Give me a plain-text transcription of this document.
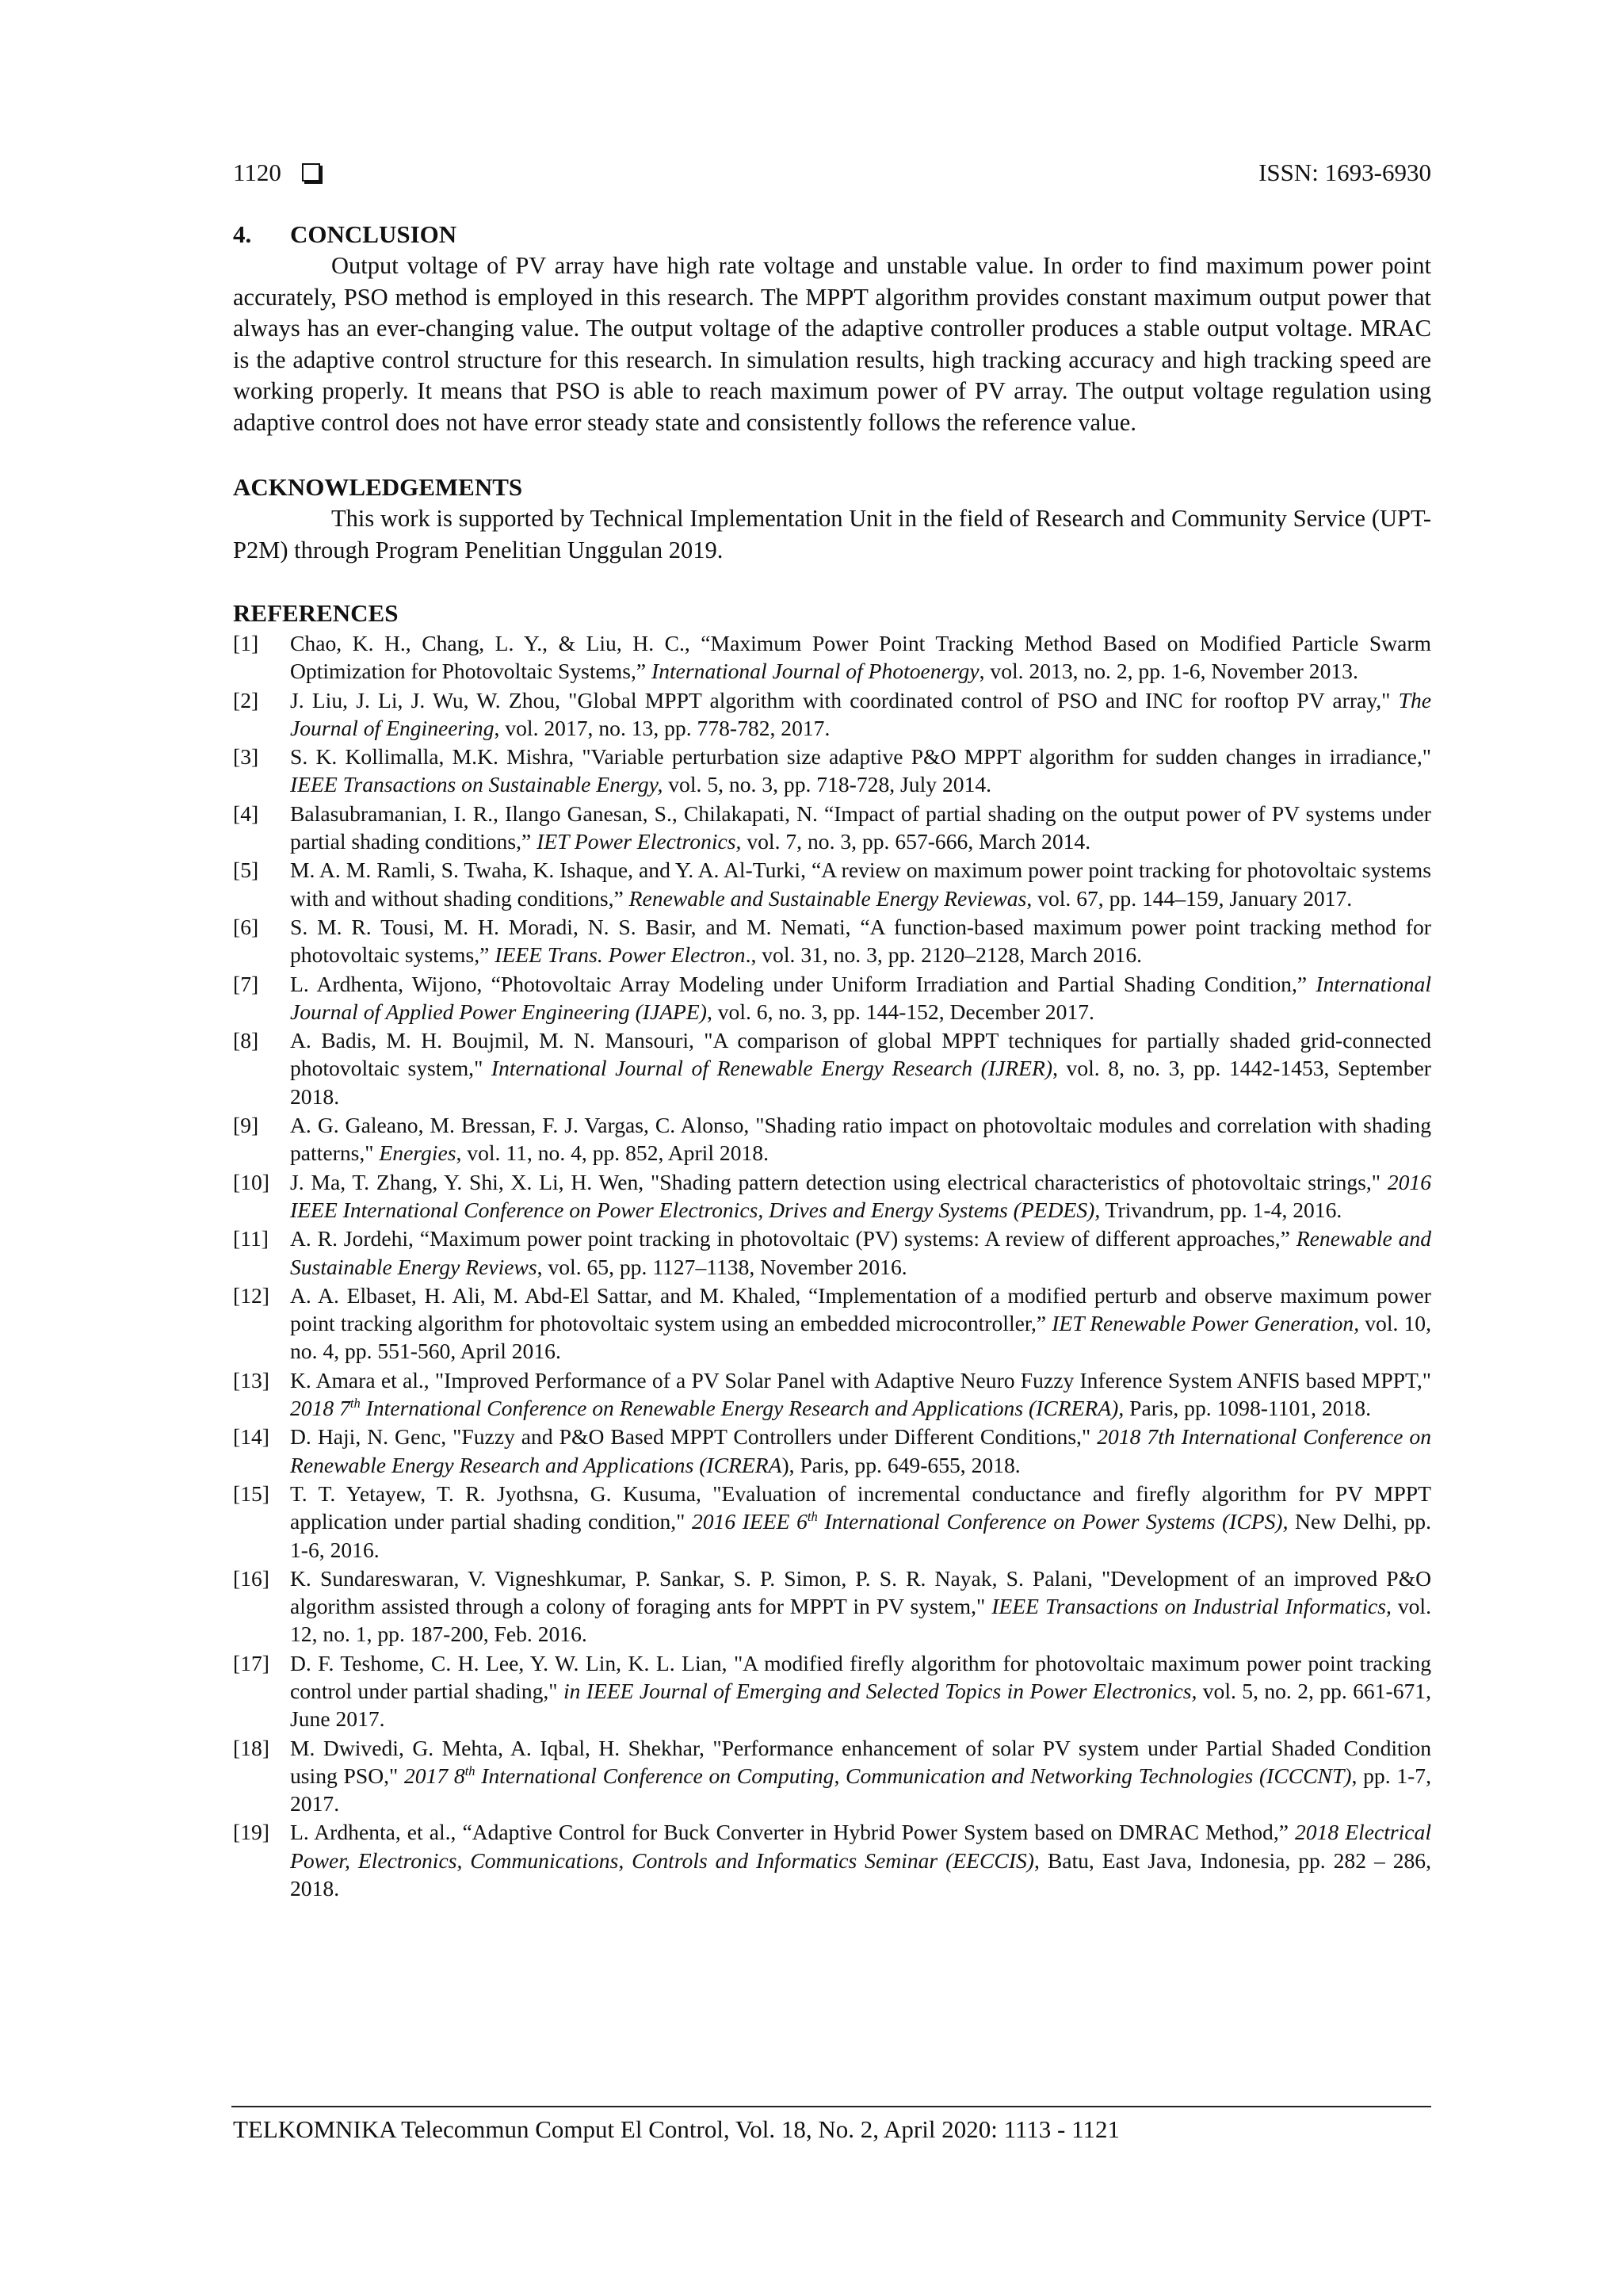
1120	ISSN: 1693-6930
4. CONCLUSION

Output voltage of PV array have high rate voltage and unstable value. In order to find maximum power point accurately, PSO method is employed in this research. The MPPT algorithm provides constant maximum output power that always has an ever-changing value. The output voltage of the adaptive controller produces a stable output voltage. MRAC is the adaptive control structure for this research. In simulation results, high tracking accuracy and high tracking speed are working properly. It means that PSO is able to reach maximum power of PV array. The output voltage regulation using adaptive control does not have error steady state and consistently follows the reference value.

ACKNOWLEDGEMENTS

This work is supported by Technical Implementation Unit in the field of Research and Community Service (UPT-P2M) through Program Penelitian Unggulan 2019.

REFERENCES
[1] Chao, K. H., Chang, L. Y., & Liu, H. C., “Maximum Power Point Tracking Method Based on Modified Particle Swarm Optimization for Photovoltaic Systems,” International Journal of Photoenergy, vol. 2013, no. 2, pp. 1-6, November 2013.
[2] J. Liu, J. Li, J. Wu, W. Zhou, "Global MPPT algorithm with coordinated control of PSO and INC for rooftop PV array," The Journal of Engineering, vol. 2017, no. 13, pp. 778-782, 2017.
[3] S. K. Kollimalla, M.K. Mishra, "Variable perturbation size adaptive P&O MPPT algorithm for sudden changes in irradiance," IEEE Transactions on Sustainable Energy, vol. 5, no. 3, pp. 718-728, July 2014.
[4] Balasubramanian, I. R., Ilango Ganesan, S., Chilakapati, N. “Impact of partial shading on the output power of PV systems under partial shading conditions,” IET Power Electronics, vol. 7, no. 3, pp. 657-666, March 2014.
[5] M. A. M. Ramli, S. Twaha, K. Ishaque, and Y. A. Al-Turki, “A review on maximum power point tracking for photovoltaic systems with and without shading conditions,” Renewable and Sustainable Energy Reviewas, vol. 67, pp. 144–159, January 2017.
[6] S. M. R. Tousi, M. H. Moradi, N. S. Basir, and M. Nemati, “A function-based maximum power point tracking method for photovoltaic systems,” IEEE Trans. Power Electron., vol. 31, no. 3, pp. 2120–2128, March 2016.
[7] L. Ardhenta, Wijono, “Photovoltaic Array Modeling under Uniform Irradiation and Partial Shading Condition,” International Journal of Applied Power Engineering (IJAPE), vol. 6, no. 3, pp. 144-152, December 2017.
[8] A. Badis, M. H. Boujmil, M. N. Mansouri, "A comparison of global MPPT techniques for partially shaded grid-connected photovoltaic system," International Journal of Renewable Energy Research (IJRER), vol. 8, no. 3, pp. 1442-1453, September 2018.
[9] A. G. Galeano, M. Bressan, F. J. Vargas, C. Alonso, "Shading ratio impact on photovoltaic modules and correlation with shading patterns," Energies, vol. 11, no. 4, pp. 852, April 2018.
[10] J. Ma, T. Zhang, Y. Shi, X. Li, H. Wen, "Shading pattern detection using electrical characteristics of photovoltaic strings," 2016 IEEE International Conference on Power Electronics, Drives and Energy Systems (PEDES), Trivandrum, pp. 1-4, 2016.
[11] A. R. Jordehi, “Maximum power point tracking in photovoltaic (PV) systems: A review of different approaches,” Renewable and Sustainable Energy Reviews, vol. 65, pp. 1127–1138, November 2016.
[12] A. A. Elbaset, H. Ali, M. Abd-El Sattar, and M. Khaled, “Implementation of a modified perturb and observe maximum power point tracking algorithm for photovoltaic system using an embedded microcontroller,” IET Renewable Power Generation, vol. 10, no. 4, pp. 551-560, April 2016.
[13] K. Amara et al., "Improved Performance of a PV Solar Panel with Adaptive Neuro Fuzzy Inference System ANFIS based MPPT," 2018 7th International Conference on Renewable Energy Research and Applications (ICRERA), Paris, pp. 1098-1101, 2018.
[14] D. Haji, N. Genc, "Fuzzy and P&O Based MPPT Controllers under Different Conditions," 2018 7th International Conference on Renewable Energy Research and Applications (ICRERA), Paris, pp. 649-655, 2018.
[15] T. T. Yetayew, T. R. Jyothsna, G. Kusuma, "Evaluation of incremental conductance and firefly algorithm for PV MPPT application under partial shading condition," 2016 IEEE 6th International Conference on Power Systems (ICPS), New Delhi, pp. 1-6, 2016.
[16] K. Sundareswaran, V. Vigneshkumar, P. Sankar, S. P. Simon, P. S. R. Nayak, S. Palani, "Development of an improved P&O algorithm assisted through a colony of foraging ants for MPPT in PV system," IEEE Transactions on Industrial Informatics, vol. 12, no. 1, pp. 187-200, Feb. 2016.
[17] D. F. Teshome, C. H. Lee, Y. W. Lin, K. L. Lian, "A modified firefly algorithm for photovoltaic maximum power point tracking control under partial shading," in IEEE Journal of Emerging and Selected Topics in Power Electronics, vol. 5, no. 2, pp. 661-671, June 2017.
[18] M. Dwivedi, G. Mehta, A. Iqbal, H. Shekhar, "Performance enhancement of solar PV system under Partial Shaded Condition using PSO," 2017 8th International Conference on Computing, Communication and Networking Technologies (ICCCNT), pp. 1-7, 2017.
[19] L. Ardhenta, et al., “Adaptive Control for Buck Converter in Hybrid Power System based on DMRAC Method,” 2018 Electrical Power, Electronics, Communications, Controls and Informatics Seminar (EECCIS), Batu, East Java, Indonesia, pp. 282 – 286, 2018.
TELKOMNIKA Telecommun Comput El Control, Vol. 18, No. 2, April 2020: 1113 - 1121
